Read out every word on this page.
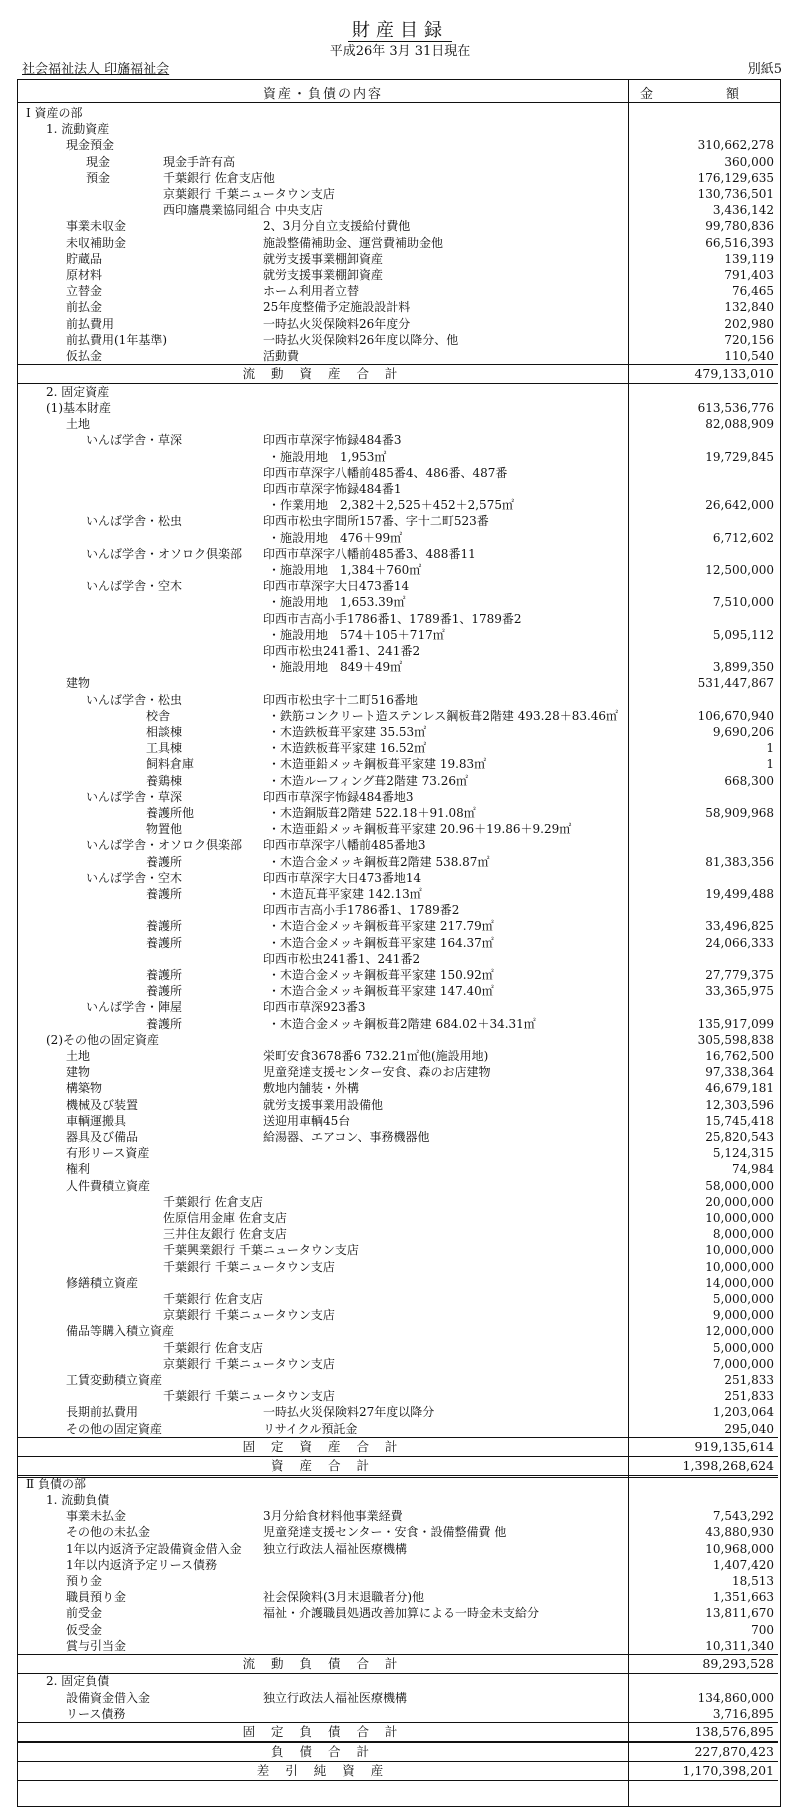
財産目録
平成26年 3月 31日現在
社会福祉法人 印旛福祉会	別紙5
資産・負債の内容	金　額
Ⅰ 資産の部
1. 流動資産
現金預金	310,662,278
現金	現金手許有高	360,000
預金	千葉銀行 佐倉支店他	176,129,635
京葉銀行 千葉ニュータウン支店	130,736,501
西印旛農業協同組合 中央支店	3,436,142
事業未収金	2、3月分自立支援給付費他	99,780,836
未収補助金	施設整備補助金、運営費補助金他	66,516,393
貯蔵品	就労支援事業棚卸資産	139,119
原材料	就労支援事業棚卸資産	791,403
立替金	ホーム利用者立替	76,465
前払金	25年度整備予定施設設計料	132,840
前払費用	一時払火災保険料26年度分	202,980
前払費用(1年基準)	一時払火災保険料26年度以降分、他	720,156
仮払金	活動費	110,540
流 動 資 産 合 計	479,133,010
2. 固定資産
(1)基本財産	613,536,776
土地	82,088,909
いんば学舎・草深	印西市草深字怖録484番3
・施設用地　1,953㎡	19,729,845
印西市草深字八幡前485番4、486番、487番
印西市草深字怖録484番1
・作業用地　2,382＋2,525＋452＋2,575㎡	26,642,000
いんば学舎・松虫	印西市松虫字間所157番、字十二町523番
・施設用地　476＋99㎡	6,712,602
いんば学舎・オソロク倶楽部 印西市草深字八幡前485番3、488番11
・施設用地　1,384＋760㎡	12,500,000
いんば学舎・空木	印西市草深字大日473番14
・施設用地　1,653.39㎡	7,510,000
印西市吉高小手1786番1、1789番1、1789番2
・施設用地　574＋105＋717㎡	5,095,112
印西市松虫241番1、241番2
・施設用地　849＋49㎡	3,899,350
建物	531,447,867
いんば学舎・松虫	印西市松虫字十二町516番地
校舎	・鉄筋コンクリート造ステンレス鋼板葺2階建 493.28＋83.46㎡	106,670,940
相談棟	・木造鉄板葺平家建 35.53㎡	9,690,206
工具棟	・木造鉄板葺平家建 16.52㎡	1
飼料倉庫	・木造亜鉛メッキ鋼板葺平家建 19.83㎡	1
養鶏棟	・木造ルーフィング葺2階建 73.26㎡	668,300
いんば学舎・草深	印西市草深字怖録484番地3
養護所他	・木造銅版葺2階建 522.18＋91.08㎡	58,909,968
物置他	・木造亜鉛メッキ鋼板葺平家建 20.96＋19.86＋9.29㎡
いんば学舎・オソロク倶楽部 印西市草深字八幡前485番地3
養護所	・木造合金メッキ鋼板葺2階建 538.87㎡	81,383,356
いんば学舎・空木	印西市草深字大日473番地14
養護所	・木造瓦葺平家建 142.13㎡	19,499,488
印西市吉高小手1786番1、1789番2
養護所	・木造合金メッキ鋼板葺平家建 217.79㎡	33,496,825
養護所	・木造合金メッキ鋼板葺平家建 164.37㎡	24,066,333
印西市松虫241番1、241番2
養護所	・木造合金メッキ鋼板葺平家建 150.92㎡	27,779,375
養護所	・木造合金メッキ鋼板葺平家建 147.40㎡	33,365,975
いんば学舎・陣屋	印西市草深923番3
養護所	・木造合金メッキ鋼板葺2階建 684.02＋34.31㎡	135,917,099
(2)その他の固定資産	305,598,838
土地	栄町安食3678番6 732.21㎡他(施設用地)	16,762,500
建物	児童発達支援センター安食、森のお店建物	97,338,364
構築物	敷地内舗装・外構	46,679,181
機械及び装置	就労支援事業用設備他	12,303,596
車輌運搬具	送迎用車輌45台	15,745,418
器具及び備品	給湯器、エアコン、事務機器他	25,820,543
有形リース資産	5,124,315
権利	74,984
人件費積立資産	58,000,000
千葉銀行 佐倉支店	20,000,000
佐原信用金庫 佐倉支店	10,000,000
三井住友銀行 佐倉支店	8,000,000
千葉興業銀行 千葉ニュータウン支店	10,000,000
千葉銀行 千葉ニュータウン支店	10,000,000
修繕積立資産	14,000,000
千葉銀行 佐倉支店	5,000,000
京葉銀行 千葉ニュータウン支店	9,000,000
備品等購入積立資産	12,000,000
千葉銀行 佐倉支店	5,000,000
京葉銀行 千葉ニュータウン支店	7,000,000
工賃変動積立資産	251,833
千葉銀行 千葉ニュータウン支店	251,833
長期前払費用	一時払火災保険料27年度以降分	1,203,064
その他の固定資産	リサイクル預託金	295,040
固 定 資 産 合 計	919,135,614
資 産 合 計	1,398,268,624
Ⅱ 負債の部
1. 流動負債
事業未払金	3月分給食材料他事業経費	7,543,292
その他の未払金	児童発達支援センター・安食・設備整備費 他	43,880,930
1年以内返済予定設備資金借入金 独立行政法人福祉医療機構	10,968,000
1年以内返済予定リース債務	1,407,420
預り金	18,513
職員預り金	社会保険料(3月末退職者分)他	1,351,663
前受金	福祉・介護職員処遇改善加算による一時金未支給分	13,811,670
仮受金	700
賞与引当金	10,311,340
流 動 負 債 合 計	89,293,528
2. 固定負債
設備資金借入金	独立行政法人福祉医療機構	134,860,000
リース債務	3,716,895
固 定 負 債 合 計	138,576,895
負 債 合 計	227,870,423
差 引 純 資 産	1,170,398,201
